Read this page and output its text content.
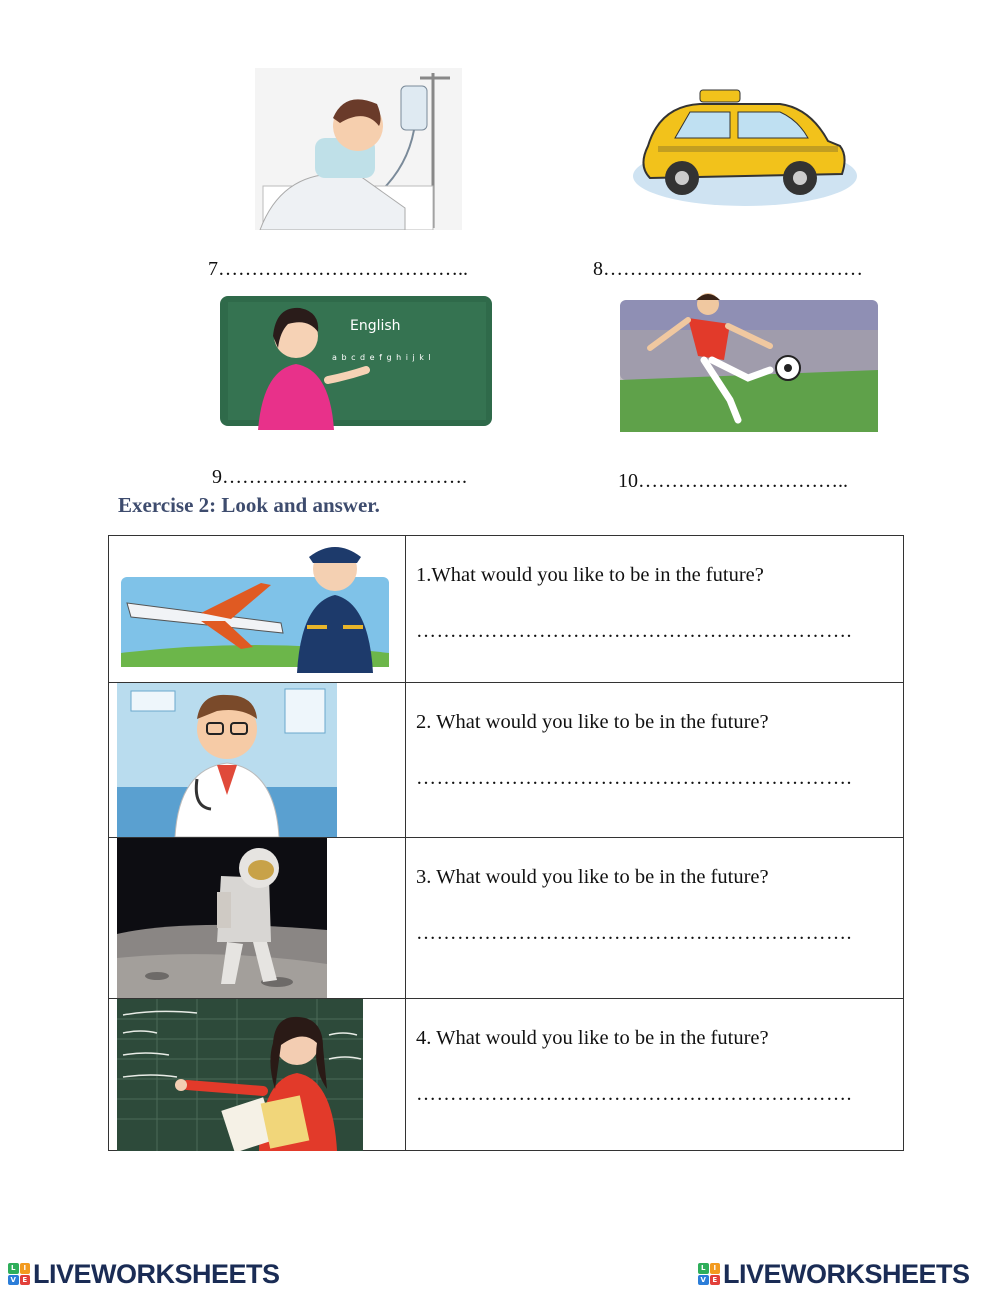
7………………………………..	8…………………………………
English
a b c d e f g h i j k l
9……………………………….	10…………………………..
Exercise 2: Look and answer.

1.What would you like to be in the future?
……………………………………………………….

2. What would you like to be in the future?
……………………………………………………….

3. What would you like to be in the future?
……………………………………………………….

4. What would you like to be in the future?
……………………………………………………….
L	I
V E LIVEWORKSHEETS	L	I
V E LIVEWORKSHEETS
